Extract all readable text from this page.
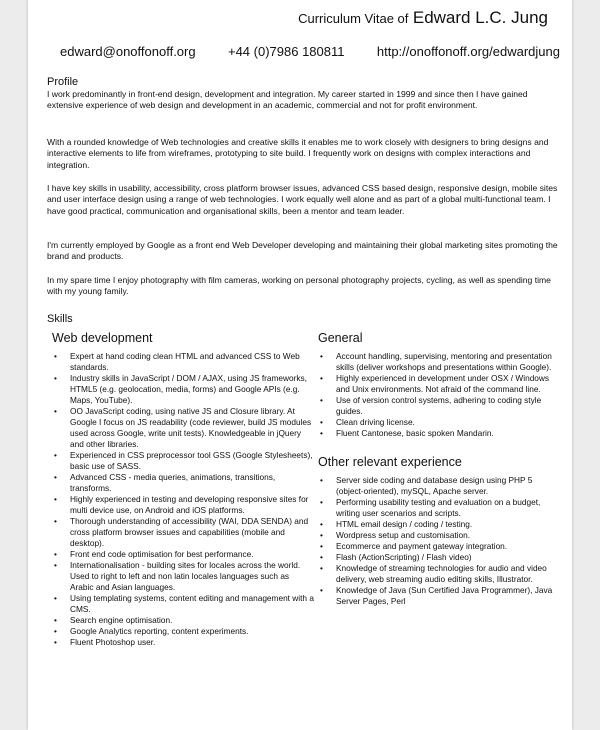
Curriculum Vitae of Edward L.C. Jung
edward@onoffonoff.org +44 (0)7986 180811 http://onoffonoff.org/edwardjung
Profile

I work predominantly in front-end design, development and integration. My career started in 1999 and since then I have gained extensive experience of web design and development in an academic, commercial and not for profit environment.

With a rounded knowledge of Web technologies and creative skills it enables me to work closely with designers to bring designs and interactive elements to life from wireframes, prototyping to site build. I frequently work on designs with complex interactions and integration.

I have key skills in usability, accessibility, cross platform browser issues, advanced CSS based design, responsive design, mobile sites and user interface design using a range of web technologies. I work equally well alone and as part of a global multi-functional team. I have good practical, communication and organisational skills, been a mentor and team leader.

I'm currently employed by Google as a front end Web Developer developing and maintaining their global marketing sites promoting the brand and products.

In my spare time I enjoy photography with film cameras, working on personal photography projects, cycling, as well as spending time with my young family.

Skills
Web development
• Expert at hand coding clean HTML and advanced CSS to Web standards.
• Industry skills in JavaScript / DOM / AJAX, using JS frameworks, HTML5 (e.g. geolocation, media, forms) and Google APIs (e.g. Maps, YouTube).
• OO JavaScript coding, using native JS and Closure library. At Google I focus on JS readability (code reviewer, build JS modules used across Google, write unit tests). Knowledgeable in jQuery and other libraries.
• Experienced in CSS preprocessor tool GSS (Google Stylesheets), basic use of SASS.
• Advanced CSS - media queries, animations, transitions, transforms.
• Highly experienced in testing and developing responsive sites for multi device use, on Android and iOS platforms.
• Thorough understanding of accessibility (WAI, DDA SENDA) and cross platform browser issues and capabilities (mobile and desktop).
• Front end code optimisation for best performance.
• Internationalisation - building sites for locales across the world. Used to right to left and non latin locales languages such as Arabic and Asian languages.
• Using templating systems, content editing and management with a CMS.
• Search engine optimisation.
• Google Analytics reporting, content experiments.
• Fluent Photoshop user.
General
• Account handling, supervising, mentoring and presentation skills (deliver workshops and presentations within Google).
• Highly experienced in development under OSX / Windows and Unix environments. Not afraid of the command line.
• Use of version control systems, adhering to coding style guides.
• Clean driving license.
• Fluent Cantonese, basic spoken Mandarin.
Other relevant experience
• Server side coding and database design using PHP 5 (object-oriented), mySQL, Apache server.
• Performing usability testing and evaluation on a budget, writing user scenarios and scripts.
• HTML email design / coding / testing.
• Wordpress setup and customisation.
• Ecommerce and payment gateway integration.
• Flash (ActionScripting) / Flash video)
• Knowledge of streaming technologies for audio and video delivery, web streaming audio editing skills, Illustrator.
• Knowledge of Java (Sun Certified Java Programmer), Java Server Pages, Perl
